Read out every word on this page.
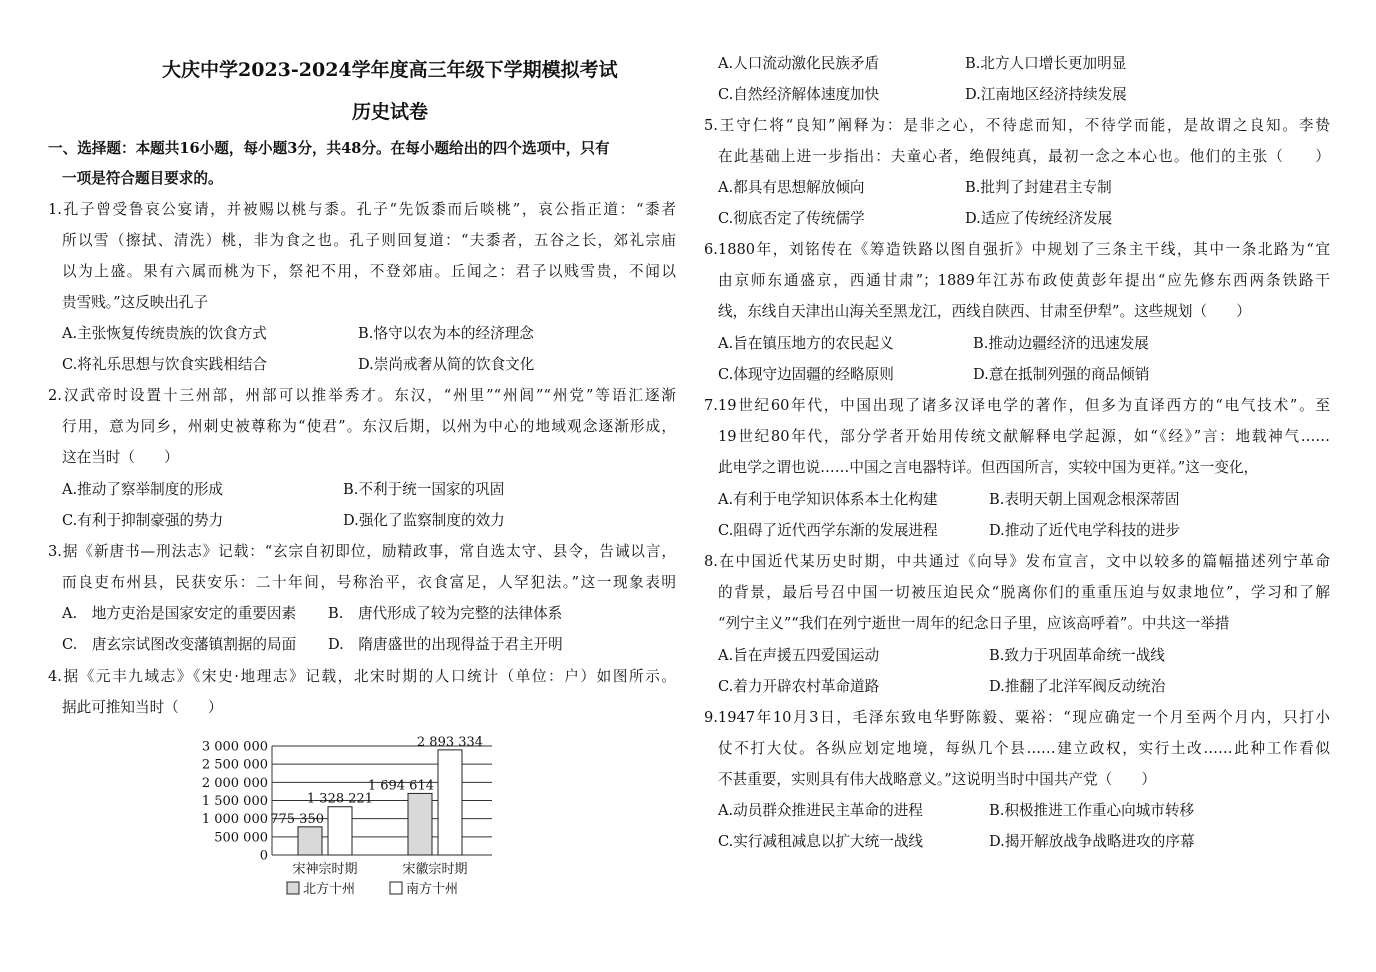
大庆中学2023-2024学年度高三年级下学期模拟考试
历史试卷
一、选择题：本题共16小题，每小题3分，共48分。在每小题给出的四个选项中，只有
一项是符合题目要求的。
1.孔子曾受鲁哀公宴请，并被赐以桃与黍。孔子“先饭黍而后啖桃”，哀公指正道：“黍者
所以雪（擦拭、清洗）桃，非为食之也。孔子则回复道：“夫黍者，五谷之长，郊礼宗庙
以为上盛。果有六属而桃为下，祭祀不用，不登郊庙。丘闻之：君子以贱雪贵，不闻以
贵雪贱。”这反映出孔子
A.主张恢复传统贵族的饮食方式	B.恪守以农为本的经济理念
C.将礼乐思想与饮食实践相结合	D.崇尚戒奢从简的饮食文化
2.汉武帝时设置十三州部，州部可以推举秀才。东汉，“州里”“州闾”“州党”等语汇逐渐
行用，意为同乡，州刺史被尊称为“使君”。东汉后期，以州为中心的地域观念逐渐形成，
这在当时（　　）
A.推动了察举制度的形成	B.不利于统一国家的巩固
C.有利于抑制豪强的势力	D.强化了监察制度的效力
3.据《新唐书—刑法志》记载：“玄宗自初即位，励精政事，常自选太守、县令，告诫以言，
而良吏布州县，民获安乐：二十年间，号称治平，衣食富足，人罕犯法。”这一现象表明
A.　地方吏治是国家安定的重要因素 B.　唐代形成了较为完整的法律体系
C.　唐玄宗试图改变藩镇割据的局面 D.　隋唐盛世的出现得益于君主开明
4.据《元丰九域志》《宋史·地理志》记载，北宋时期的人口统计（单位：户）如图所示。
据此可推知当时（　　）
A.人口流动激化民族矛盾	B.北方人口增长更加明显
C.自然经济解体速度加快	D.江南地区经济持续发展
5.王守仁将“良知”阐释为：是非之心，不待虑而知，不待学而能，是故谓之良知。李贽
在此基础上进一步指出：夫童心者，绝假纯真，最初一念之本心也。他们的主张（　　）
A.都具有思想解放倾向	B.批判了封建君主专制
C.彻底否定了传统儒学	D.适应了传统经济发展
6.1880年，刘铭传在《筹造铁路以图自强折》中规划了三条主干线，其中一条北路为“宜
由京师东通盛京，西通甘肃”；1889年江苏布政使黄彭年提出“应先修东西两条铁路干
线，东线自天津出山海关至黑龙江，西线自陕西、甘肃至伊犁”。这些规划（　　）
A.旨在镇压地方的农民起义	B.推动边疆经济的迅速发展
C.体现守边固疆的经略原则	D.意在抵制列强的商品倾销
7.19世纪60年代，中国出现了诸多汉译电学的著作，但多为直译西方的“电气技术”。至
19世纪80年代，部分学者开始用传统文献解释电学起源，如“《经》”言：地载神气……
此电学之谓也说……中国之言电器特详。但西国所言，实较中国为更祥。”这一变化，
A.有利于电学知识体系本土化构建	B.表明天朝上国观念根深蒂固
C.阻碍了近代西学东渐的发展进程	D.推动了近代电学科技的进步
8.在中国近代某历史时期，中共通过《向导》发布宣言，文中以较多的篇幅描述列宁革命
的背景，最后号召中国一切被压迫民众“脱离你们的重重压迫与奴隶地位”，学习和了解
“列宁主义”“我们在列宁逝世一周年的纪念日子里，应该高呼着”。中共这一举措
A.旨在声援五四爱国运动	B.致力于巩固革命统一战线
C.着力开辟农村革命道路	D.推翻了北洋军阀反动统治
9.1947年10月3日，毛泽东致电华野陈毅、粟裕：“现应确定一个月至两个月内，只打小
仗不打大仗。各纵应划定地境，每纵几个县……建立政权，实行土改……此种工作看似
不甚重要，实则具有伟大战略意义。”这说明当时中国共产党（　　）
A.动员群众推进民主革命的进程	B.积极推进工作重心向城市转移
C.实行减租减息以扩大统一战线	D.揭开解放战争战略进攻的序幕
3 000 000
2 500 000
2 000 000
1 500 000
1 000 000
500 000
0
775 350
1 328 221
1 694 614
2 893 334
宋神宗时期	宋徽宗时期
北方十州	南方十州
